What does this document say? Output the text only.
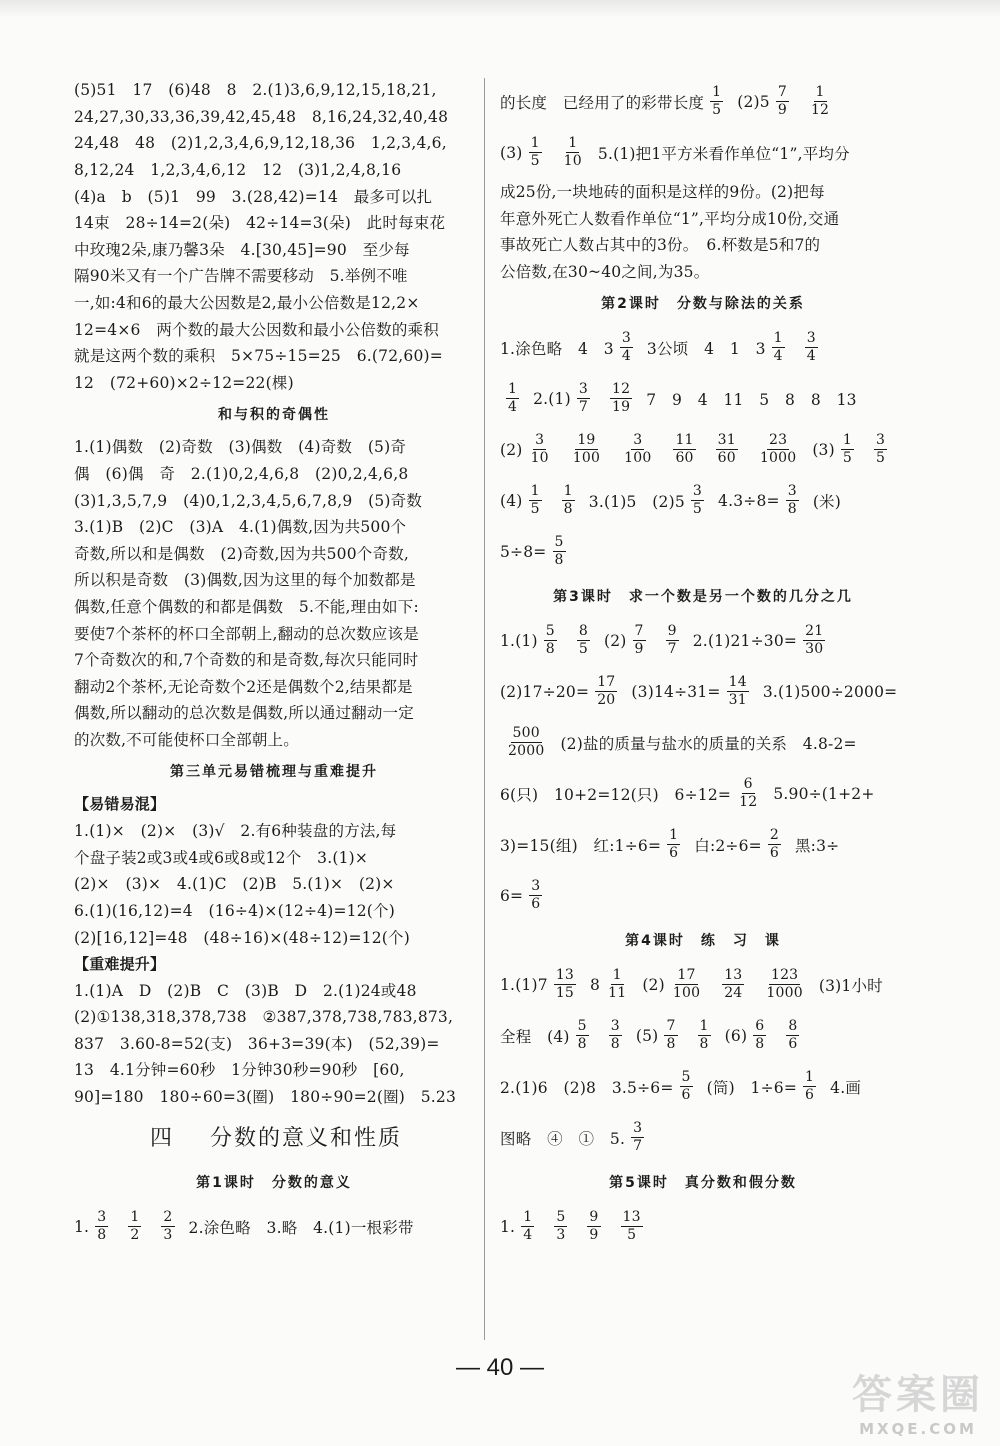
(5)51　17　(6)48　8　2.(1)3,6,9,12,15,18,21,
24,27,30,33,36,39,42,45,48　8,16,24,32,40,48
24,48　48　(2)1,2,3,4,6,9,12,18,36　1,2,3,4,6,
8,12,24　1,2,3,4,6,12　12　(3)1,2,4,8,16
(4)a　b　(5)1　99　3.(28,42)=14　最多可以扎
14束　28÷14=2(朵)　42÷14=3(朵)　此时每束花
中玫瑰2朵,康乃馨3朵　4.[30,45]=90　至少每
隔90米又有一个广告牌不需要移动　5.举例不唯
一,如:4和6的最大公因数是2,最小公倍数是12,2×
12=4×6　两个数的最大公因数和最小公倍数的乘积
就是这两个数的乘积　5×75÷15=25　6.(72,60)=
12　(72+60)×2÷12=22(棵)
和与积的奇偶性
1.(1)偶数　(2)奇数　(3)偶数　(4)奇数　(5)奇
偶　(6)偶　奇　2.(1)0,2,4,6,8　(2)0,2,4,6,8
(3)1,3,5,7,9　(4)0,1,2,3,4,5,6,7,8,9　(5)奇数
3.(1)B　(2)C　(3)A　4.(1)偶数,因为共500个
奇数,所以和是偶数　(2)奇数,因为共500个奇数,
所以积是奇数　(3)偶数,因为这里的每个加数都是
偶数,任意个偶数的和都是偶数　5.不能,理由如下:
要使7个茶杯的杯口全部朝上,翻动的总次数应该是
7个奇数次的和,7个奇数的和是奇数,每次只能同时
翻动2个茶杯,无论奇数个2还是偶数个2,结果都是
偶数,所以翻动的总次数是偶数,所以通过翻动一定
的次数,不可能使杯口全部朝上。
第三单元易错梳理与重难提升
【易错易混】
1.(1)×　(2)×　(3)√　2.有6种装盘的方法,每
个盘子装2或3或4或6或8或12个　3.(1)×
(2)×　(3)×　4.(1)C　(2)B　5.(1)×　(2)×
6.(1)(16,12)=4　(16÷4)×(12÷4)=12(个)
(2)[16,12]=48　(48÷16)×(48÷12)=12(个)
【重难提升】
1.(1)A　D　(2)B　C　(3)B　D　2.(1)24或48
(2)①138,318,378,738　②387,378,738,783,873,
837　3.60-8=52(支)　36+3=39(本)　(52,39)=
13　4.1分钟=60秒　1分钟30秒=90秒　[60,
90]=180　180÷60=3(圈)　180÷90=2(圈)　5.23
四 分数的意义和性质
第1课时　分数的意义
1. $\frac{3}{8} \frac{1}{2} \frac{2}{3} 2$.涂色略　3.略　4.(1)一根彩带
的长度　已经用了的彩带长度 $\frac{1}{5} (2)5 \frac{7}{9} \frac{1}{12}$
$(3) \frac{1}{5} \frac{1}{10} 5.(1)$把1平方米看作单位“1”,平均分
成25份,一块地砖的面积是这样的9份。(2)把每
年意外死亡人数看作单位“1”,平均分成10份,交通
事故死亡人数占其中的3份。　6.杯数是5和7的
公倍数,在30~40之间,为35。
第2课时　分数与除法的关系
1.涂色略　4　$3 \frac{3}{4} 3$公顷　4　1　$3 \frac{1}{4} \frac{3}{4}$
$\frac{1}{4} 2.(1) \frac{3}{7} \frac{12}{19} 7$　9　4　11　5　8　8　13
$(2) \frac{3}{10} \frac{19}{100} \frac{3}{100} \frac{11}{60} \frac{31}{60} \frac{23}{1000} (3) \frac{1}{5} \frac{3}{5}$
$(4) \frac{1}{5} \frac{1}{8} 3.(1)5$　$(2)5 \frac{3}{5} 4.3\div 8= \frac{3}{8}$ (米)
$5\div 8= \frac{5}{8}$
第3课时　求一个数是另一个数的几分之几
$1.(1) \frac{5}{8} \frac{8}{5} (2) \frac{7}{9} \frac{9}{7} 2.(1)21\div 30= \frac{21}{30}$
$(2)17\div 20= \frac{17}{20} (3)14\div 31= \frac{14}{31} 3.(1)500\div 2000=$
$\frac{500}{2000} (2)$盐的质量与盐水的质量的关系　4.8-2=
6(只)　10+2=12(只)　$6\div 12= \frac{6}{12} 5.90\div(1+2+$
3)=15(组)　红:1÷6= $\frac{1}{6}$ 白:2÷6= $\frac{2}{6}$ 黑:3÷
$6= \frac{3}{6}$
第4课时　练　习　课
$1.(1)7 \frac{13}{15} 8 \frac{1}{11} (2) \frac{17}{100} \frac{13}{24} \frac{123}{1000} (3)1$小时
全程　$(4) \frac{5}{8} \frac{3}{8} (5) \frac{7}{8} \frac{1}{8} (6) \frac{6}{8} \frac{8}{6}$
2.(1)6　(2)8　$3.5\div 6= \frac{5}{6}$ (筒)　$1\div 6= \frac{1}{6} 4$.画
图略　④　①　5. $\frac{3}{7}$
第5课时　真分数和假分数
1. $\frac{1}{4} \frac{5}{3} \frac{9}{9} \frac{13}{5}$
— 40 —
答案圈
MXQE.COM
